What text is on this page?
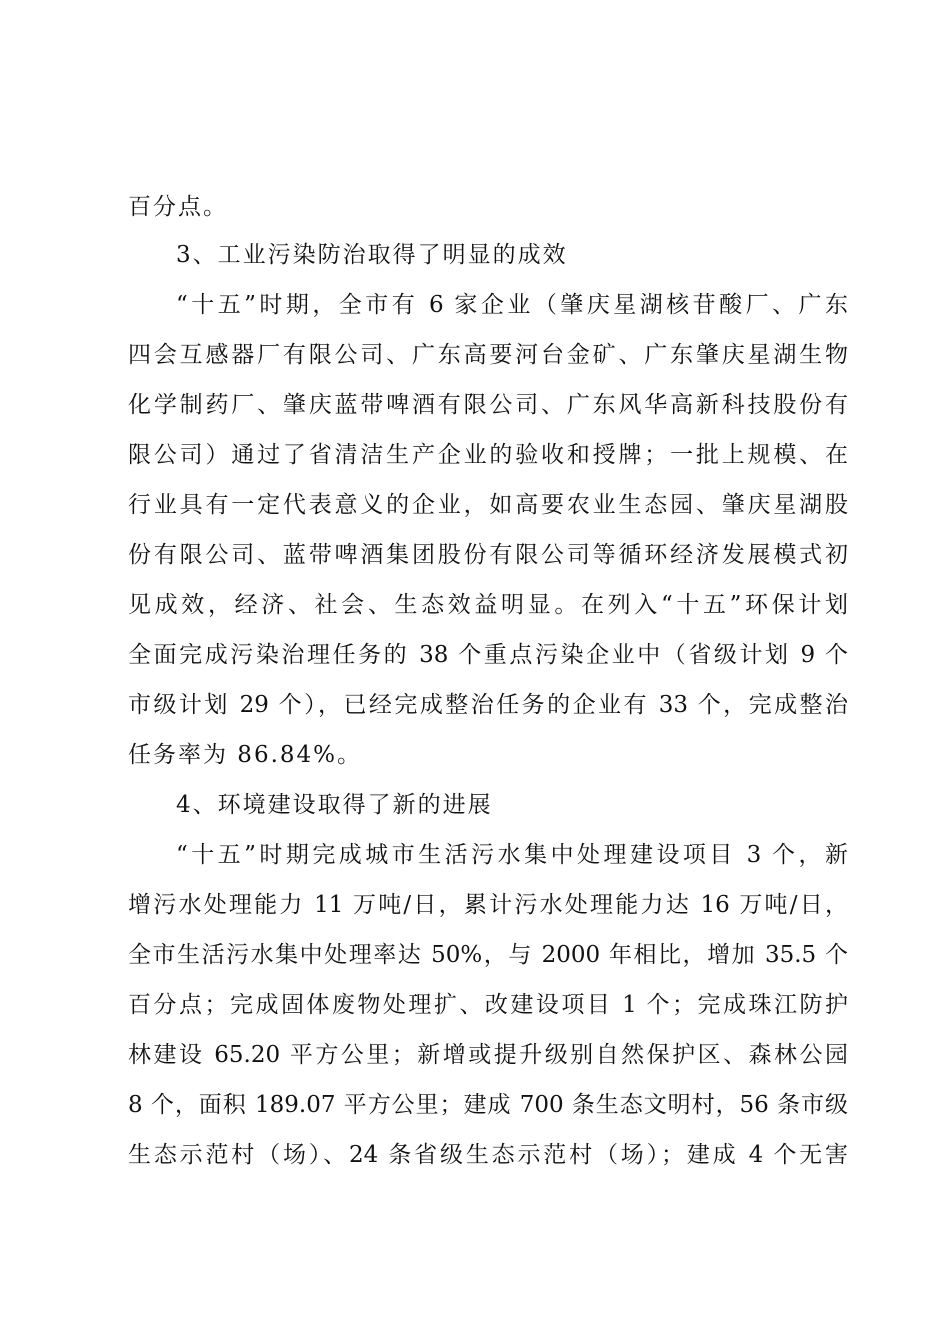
百分点。
3、工业污染防治取得了明显的成效
“十五”时期，全市有 6 家企业（肇庆星湖核苷酸厂、广东
四会互感器厂有限公司、广东高要河台金矿、广东肇庆星湖生物
化学制药厂、肇庆蓝带啤酒有限公司、广东风华高新科技股份有
限公司）通过了省清洁生产企业的验收和授牌；一批上规模、在
行业具有一定代表意义的企业，如高要农业生态园、肇庆星湖股
份有限公司、蓝带啤酒集团股份有限公司等循环经济发展模式初
见成效，经济、社会、生态效益明显。在列入“十五”环保计划
全面完成污染治理任务的 38 个重点污染企业中（省级计划 9 个
市级计划 29 个），已经完成整治任务的企业有 33 个，完成整治
任务率为 86.84%。
4、环境建设取得了新的进展
“十五”时期完成城市生活污水集中处理建设项目 3 个，新
增污水处理能力 11 万吨/日，累计污水处理能力达 16 万吨/日，
全市生活污水集中处理率达 50%，与 2000 年相比，增加 35.5 个
百分点；完成固体废物处理扩、改建设项目 1 个；完成珠江防护
林建设 65.20 平方公里；新增或提升级别自然保护区、森林公园
8 个，面积 189.07 平方公里；建成 700 条生态文明村，56 条市级
生态示范村（场）、24 条省级生态示范村（场）；建成 4 个无害
